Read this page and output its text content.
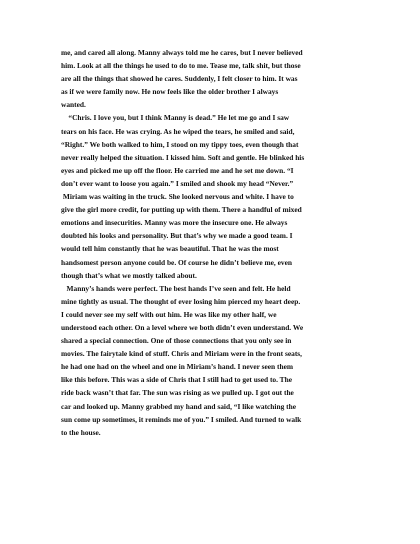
me, and cared all along. Manny always told me he cares, but I never believed
him. Look at all the things he used to do to me. Tease me, talk shit, but those
are all the things that showed he cares. Suddenly, I felt closer to him. It was
as if we were family now. He now feels like the older brother I always
wanted.
“Chris. I love you, but I think Manny is dead.” He let me go and I saw
tears on his face. He was crying. As he wiped the tears, he smiled and said,
“Right.” We both walked to him, I stood on my tippy toes, even though that
never really helped the situation. I kissed him. Soft and gentle. He blinked his
eyes and picked me up off the floor. He carried me and he set me down. “I
don’t ever want to loose you again.” I smiled and shook my head “Never.”
Miriam was waiting in the truck. She looked nervous and white. I have to
give the girl more credit, for putting up with them. There a handful of mixed
emotions and insecurities. Manny was more the insecure one. He always
doubted his looks and personality. But that’s why we made a good team. I
would tell him constantly that he was beautiful. That he was the most
handsomest person anyone could be. Of course he didn’t believe me, even
though that’s what we mostly talked about.
Manny’s hands were perfect. The best hands I’ve seen and felt. He held
mine tightly as usual. The thought of ever losing him pierced my heart deep.
I could never see my self with out him. He was like my other half, we
understood each other. On a level where we both didn’t even understand. We
shared a special connection. One of those connections that you only see in
movies. The fairytale kind of stuff. Chris and Miriam were in the front seats,
he had one had on the wheel and one in Miriam’s hand. I never seen them
like this before. This was a side of Chris that I still had to get used to. The
ride back wasn’t that far. The sun was rising as we pulled up. I got out the
car and looked up. Manny grabbed my hand and said, “I like watching the
sun come up sometimes, it reminds me of you.” I smiled. And turned to walk
to the house.
